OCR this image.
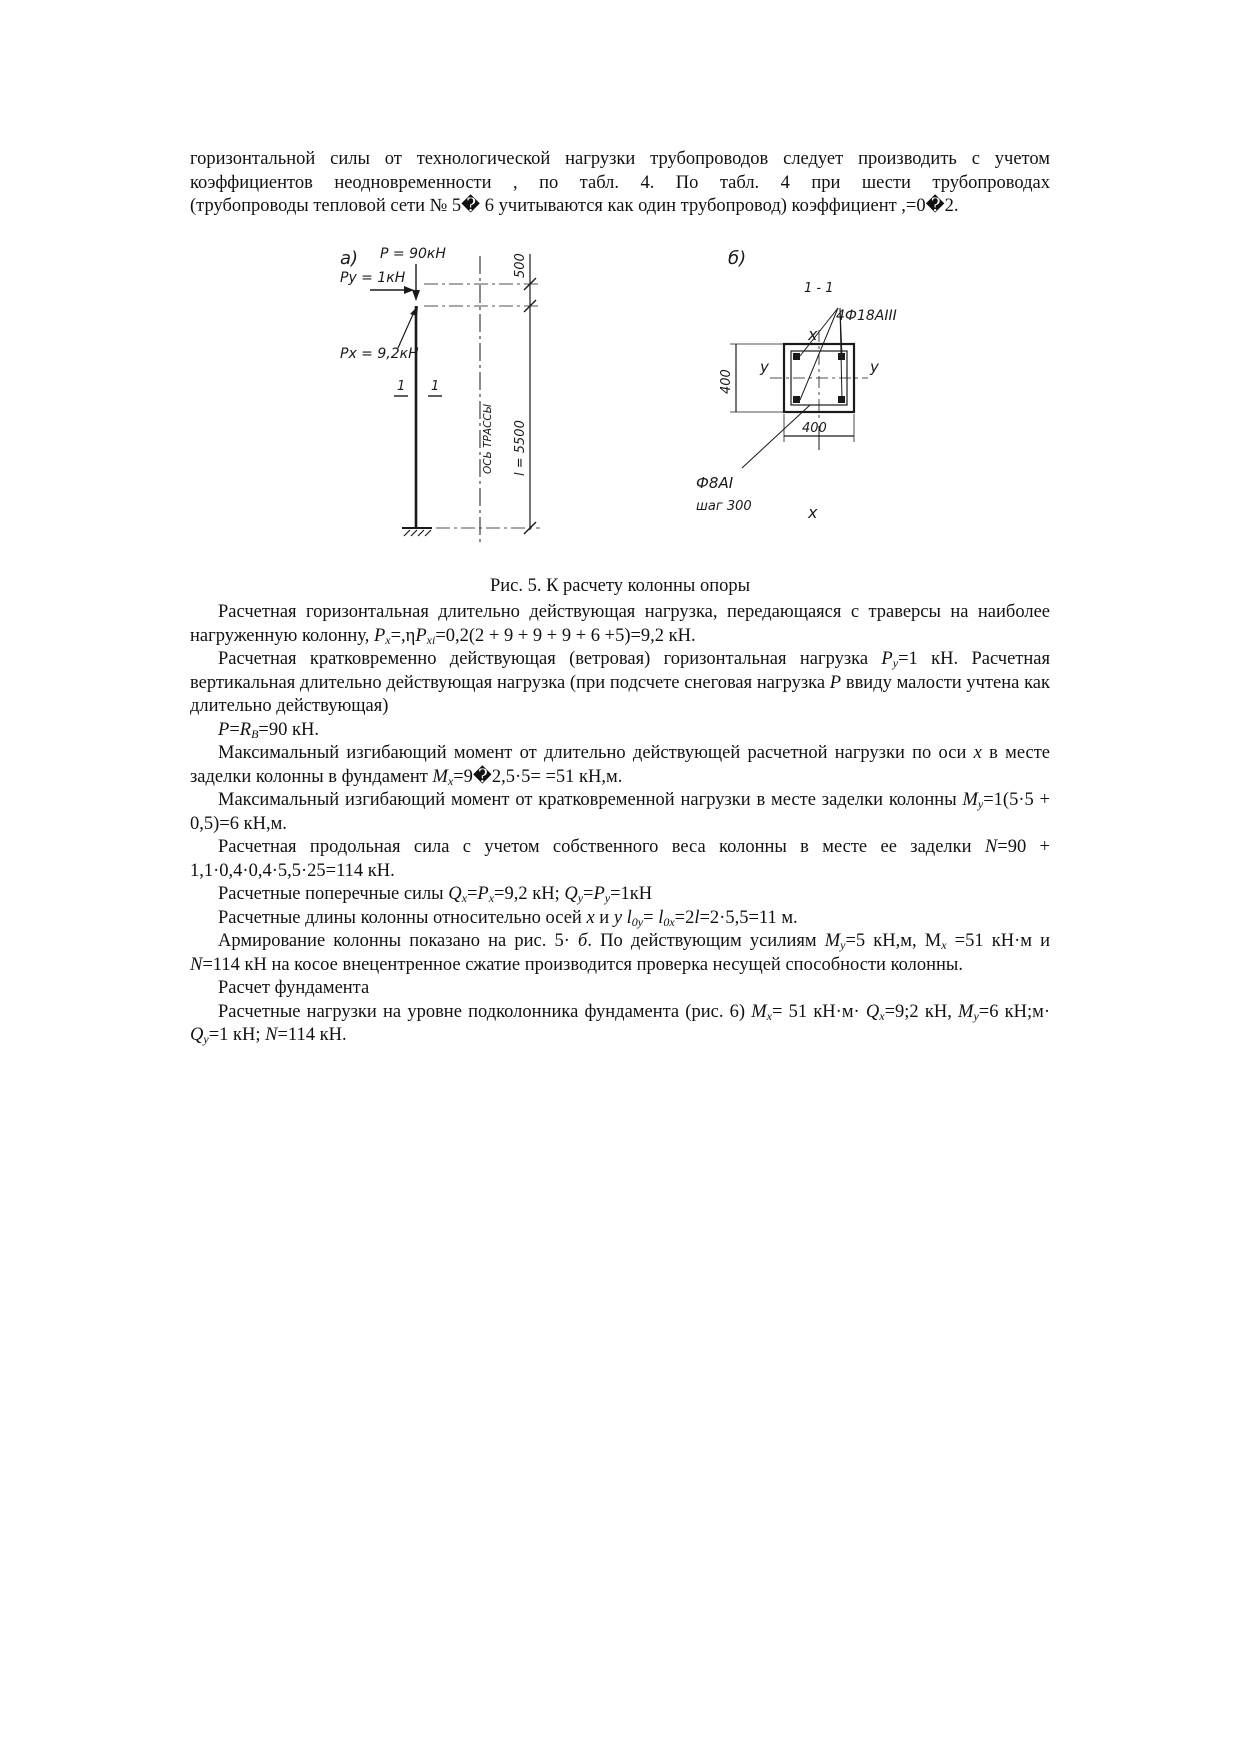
горизонтальной силы от технологической нагрузки трубопроводов следует производить с учетом
коэффициентов неодновременности , по табл. 4. По табл. 4 при шести трубопроводах
(трубопроводы тепловой сети № 5� 6 учитываются как один трубопровод) коэффициент ,=0�2.
а) P = 90кН
Py = 1кН
Px = 9,2кН
1 1
ОСЬ ТРАССЫ
500
l = 5500
б)
1 - 1
4Ф18АIII
x
x
y	y
400
400
Ф8АI
шаг 300
Рис. 5. К расчету колонны опоры
Расчетная горизонтальная длительно действующая нагрузка, передающаяся с траверсы на наиболее нагруженную колонну, $P_x=,\eta P_{xi}=0,2(2 + 9 + 9 + 9 + 6 +5)=9,2$ кН.
Расчетная кратковременно действующая (ветровая) горизонтальная нагрузка $P_y=1$ кН. Расчетная вертикальная длительно действующая нагрузка (при подсчете снеговая нагрузка P ввиду малости учтена как длительно действующая)
$P=R_B=90$ кН.
Максимальный изгибающий момент от длительно действующей расчетной нагрузки по оси x в месте заделки колонны в фундамент $M_x=9�2,5\cdot 5= =51$ кН,м.
Максимальный изгибающий момент от кратковременной нагрузки в месте заделки колонны $M_y=1(5\cdot 5 + 0,5)=6$ кН,м.
Расчетная продольная сила с учетом собственного веса колонны в месте ее заделки N=90 + 1,1·0,4·0,4·5,5·25=114 кН.
Расчетные поперечные силы $Q_x=P_x=9,2$ кН; $Q_y=P_y=1кН$
Расчетные длины колонны относительно осей x и y $l_{0y}= l_{0x}=2l=2\cdot 5,5=11$ м.
Армирование колонны показано на рис. 5· б. По действующим усилиям $M_y=5$ кН,м, $М_x =51$ кН·м и N=114 кН на косое внецентренное сжатие производится проверка несущей способности колонны.
Расчет фундамента
Расчетные нагрузки на уровне подколонника фундамента (рис. 6) $M_x= 51$ $кН\cdot м\cdot Q_x=9;2$ кН, $M_y=6$ кН;м· $Q_y=1$ кН; N=114 кН.
